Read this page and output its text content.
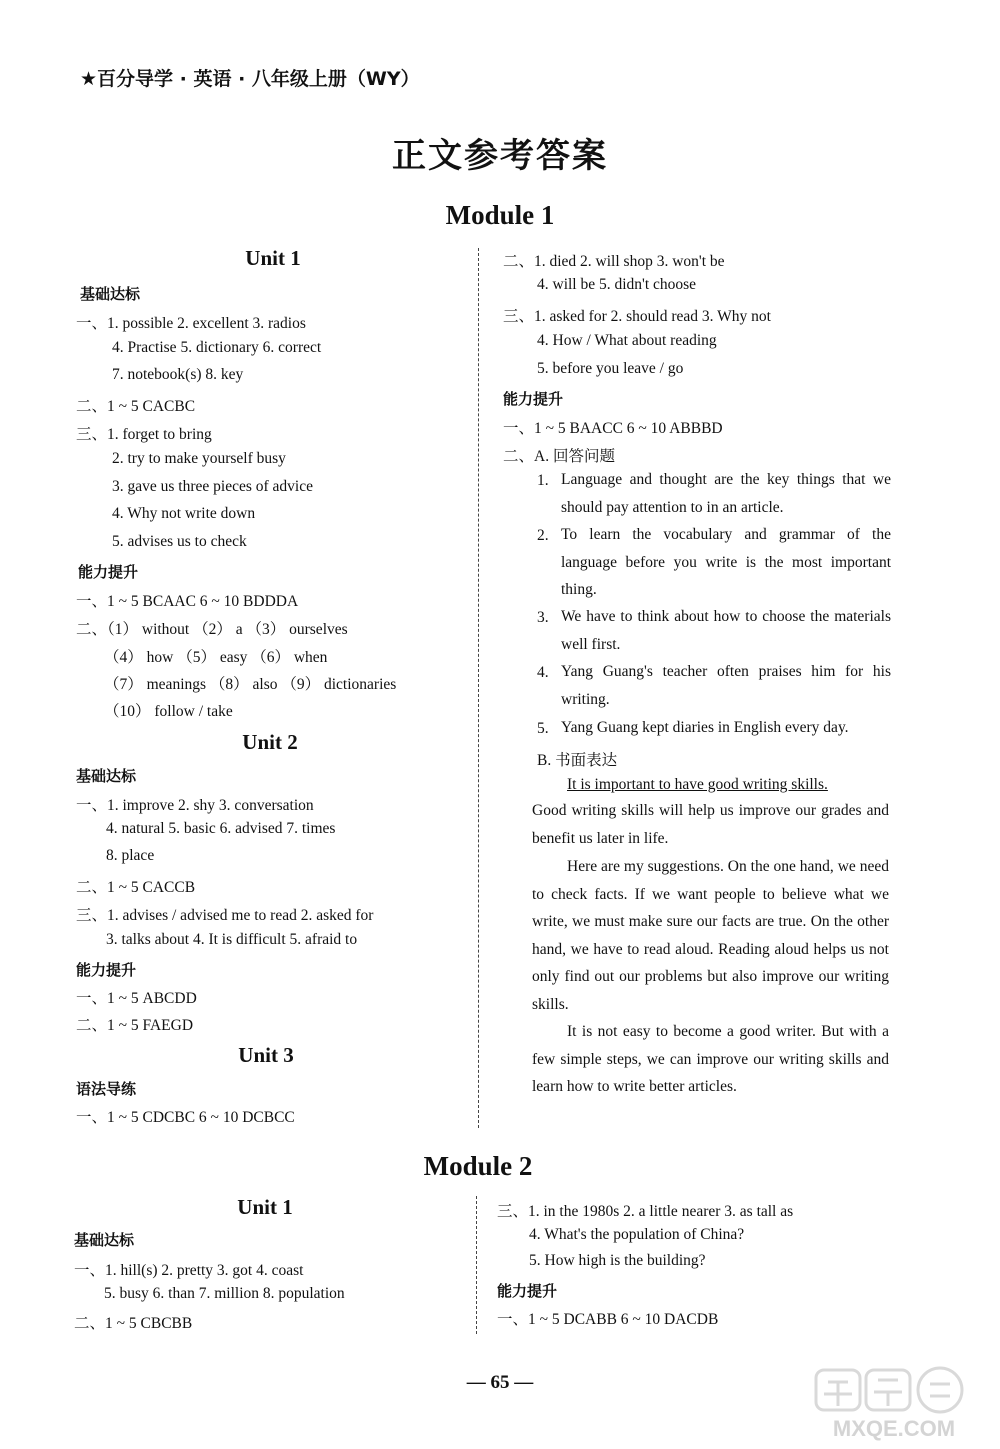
★百分导学 · 英语 · 八年级上册（WY）
正文参考答案
Module 1
Unit 1
基础达标
一、1. possible 2. excellent 3. radios
4. Practise 5. dictionary 6. correct
7. notebook(s) 8. key
二、1 ~ 5 CACBC
三、1. forget to bring
2. try to make yourself busy
3. gave us three pieces of advice
4. Why not write down
5. advises us to check
能力提升
一、1 ~ 5 BCAAC 6 ~ 10 BDDDA
二、（1） without （2） a （3） ourselves
（4） how （5） easy （6） when
（7） meanings （8） also （9） dictionaries
（10） follow / take
Unit 2
基础达标
一、1. improve 2. shy 3. conversation
4. natural 5. basic 6. advised 7. times
8. place
二、1 ~ 5 CACCB
三、1. advises / advised me to read 2. asked for
3. talks about 4. It is difficult 5. afraid to
能力提升
一、1 ~ 5 ABCDD
二、1 ~ 5 FAEGD
Unit 3
语法导练
一、1 ~ 5 CDCBC 6 ~ 10 DCBCC
二、1. died 2. will shop 3. won't be
4. will be 5. didn't choose
三、1. asked for 2. should read 3. Why not
4. How / What about reading
5. before you leave / go
能力提升
一、1 ~ 5 BAACC 6 ~ 10 ABBBD
二、A. 回答问题
1. Language and thought are the key things that we should pay attention to in an article.
2. To learn the vocabulary and grammar of the language before you write is the most important thing.
3. We have to think about how to choose the materials well first.
4. Yang Guang's teacher often praises him for his writing.
5. Yang Guang kept diaries in English every day.
B. 书面表达
It is important to have good writing skills.
Good writing skills will help us improve our grades and benefit us later in life.
Here are my suggestions. On the one hand, we need to check facts. If we want people to believe what we write, we must make sure our facts are true. On the other hand, we have to read aloud. Reading aloud helps us not only find out our problems but also improve our writing skills.
It is not easy to become a good writer. But with a few simple steps, we can improve our writing skills and learn how to write better articles.
Module 2
Unit 1
基础达标
一、1. hill(s) 2. pretty 3. got 4. coast
5. busy 6. than 7. million 8. population
二、1 ~ 5 CBCBB
三、1. in the 1980s 2. a little nearer 3. as tall as
4. What's the population of China?
5. How high is the building?
能力提升
一、1 ~ 5 DCABB 6 ~ 10 DACDB
— 65 —
MXQE.COM
